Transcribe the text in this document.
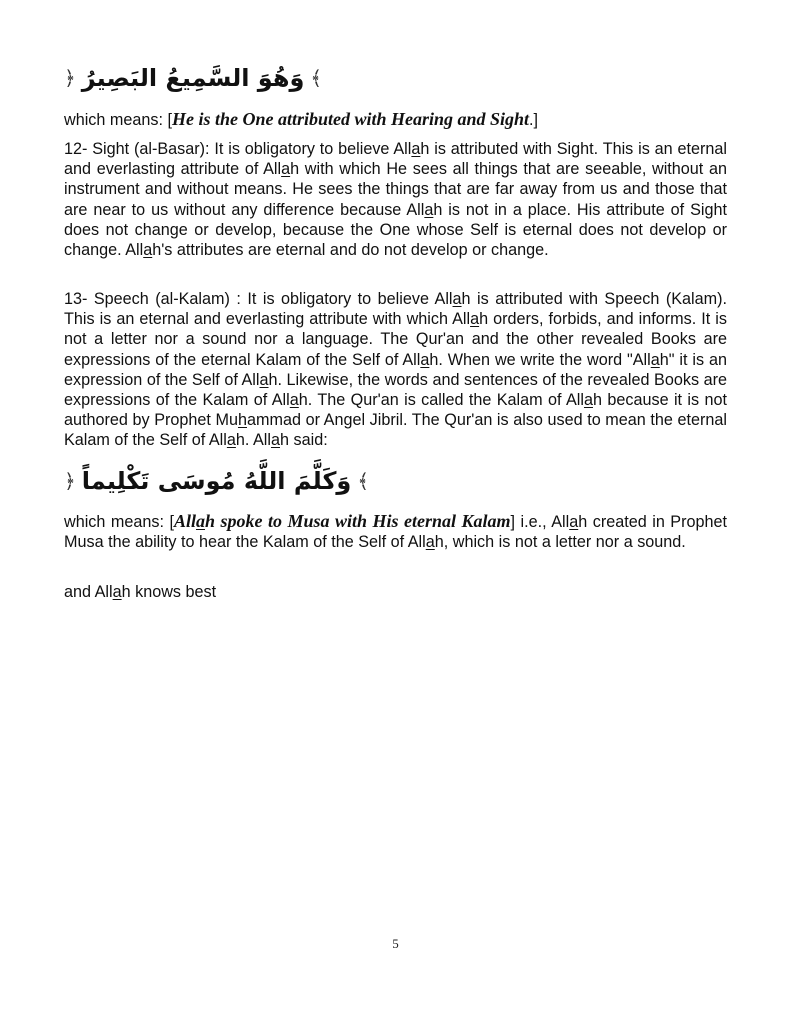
﴾
وَهُوَ السَّمِيعُ البَصِيرُ
﴿
which means: [He is the One attributed with Hearing and Sight.]
12- Sight (al-Basar): It is obligatory to believe Allah is attributed with Sight. This is an eternal and everlasting attribute of Allah with which He sees all things that are seeable, without an instrument and without means. He sees the things that are far away from us and those that are near to us without any difference because Allah is not in a place. His attribute of Sight does not change or develop, because the One whose Self is eternal does not develop or change. Allah's attributes are eternal and do not develop or change.
13- Speech (al-Kalam) : It is obligatory to believe Allah is attributed with Speech (Kalam). This is an eternal and everlasting attribute with which Allah orders, forbids, and informs. It is not a letter nor a sound nor a language. The Qur'an and the other revealed Books are expressions of the eternal Kalam of the Self of Allah. When we write the word "Allah" it is an expression of the Self of Allah. Likewise, the words and sentences of the revealed Books are expressions of the Kalam of Allah. The Qur'an is called the Kalam of Allah because it is not authored by Prophet Muhammad or Angel Jibril. The Qur'an is also used to mean the eternal Kalam of the Self of Allah. Allah said:
﴾
وَكَلَّمَ اللَّهُ مُوسَى تَكْلِيماً
﴿
which means: [Allah spoke to Musa with His eternal Kalam] i.e., Allah created in Prophet Musa the ability to hear the Kalam of the Self of Allah, which is not a letter nor a sound.
and Allah knows best
5
